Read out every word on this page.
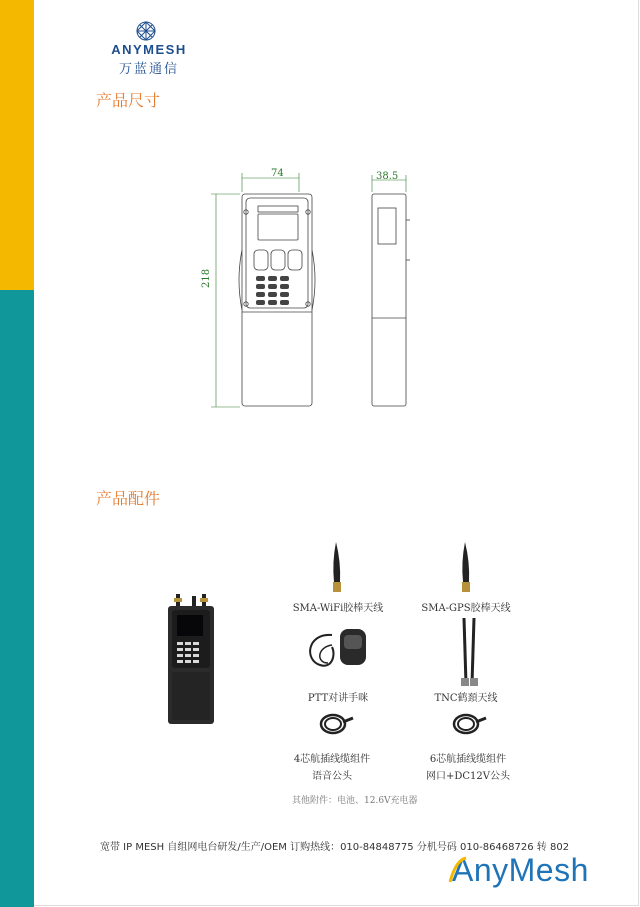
ANYMESH
万蓝通信
产品尺寸
74	38.5
218
产品配件
SMA-WiFi胶棒天线	SMA-GPS胶棒天线
PTT对讲手咪	TNC鹤頚天线
4芯航插线缆组件
语音公头
6芯航插线缆组件
网口+DC12V公头
其他附件：电池、12.6V充电器
宽带 IP MESH 自组网电台研发/生产/OEM 订购热线：010-84848775 分机号码 010-86468726 转 802
AnyMesh
